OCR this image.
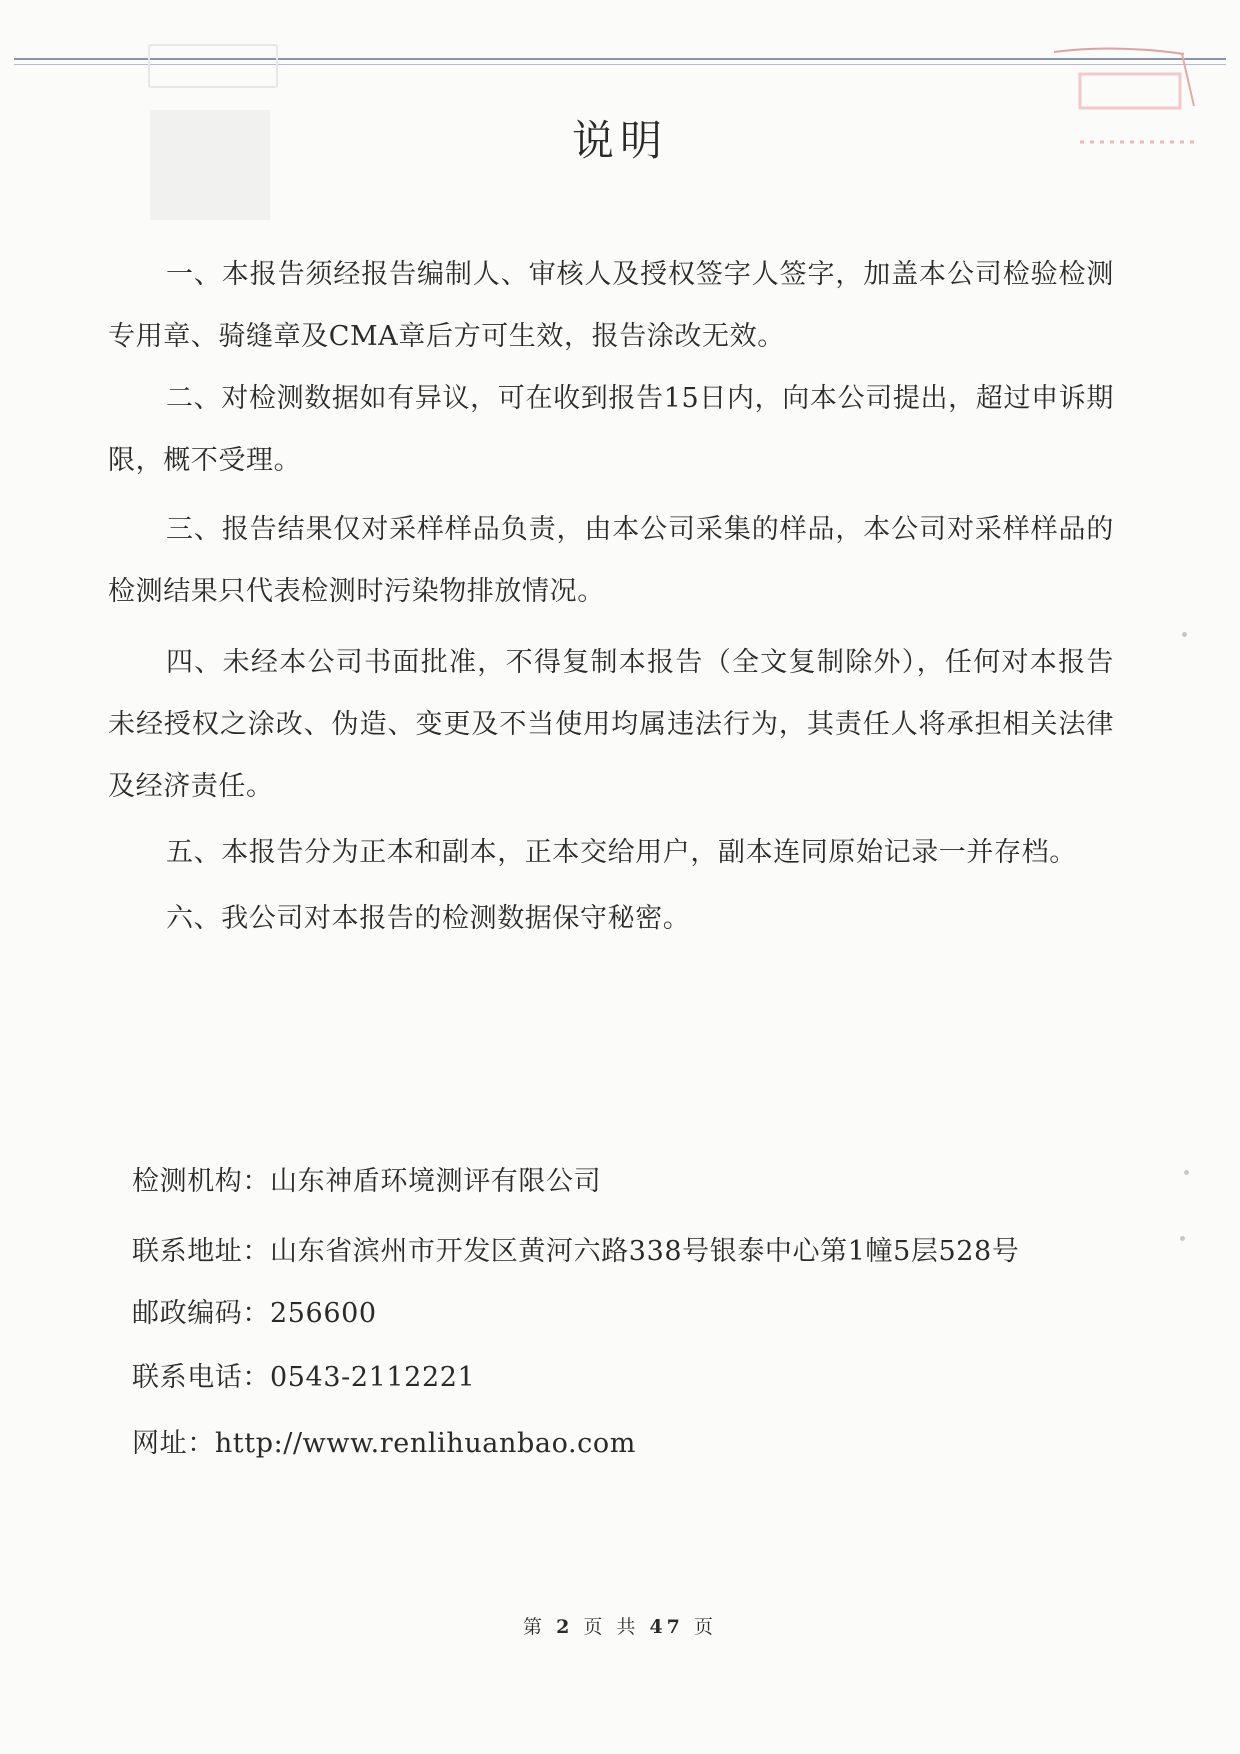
说明

一、本报告须经报告编制人、审核人及授权签字人签字，加盖本公司检验检测专用章、骑缝章及CMA章后方可生效，报告涂改无效。

二、对检测数据如有异议，可在收到报告15日内，向本公司提出，超过申诉期限，概不受理。

三、报告结果仅对采样样品负责，由本公司采集的样品，本公司对采样样品的检测结果只代表检测时污染物排放情况。

四、未经本公司书面批准，不得复制本报告（全文复制除外），任何对本报告未经授权之涂改、伪造、变更及不当使用均属违法行为，其责任人将承担相关法律及经济责任。

五、本报告分为正本和副本，正本交给用户，副本连同原始记录一并存档。

六、我公司对本报告的检测数据保守秘密。

检测机构：山东神盾环境测评有限公司
联系地址：山东省滨州市开发区黄河六路338号银泰中心第1幢5层528号
邮政编码：256600
联系电话：0543-2112221
网址：http://www.renlihuanbao.com
第 2 页 共 47 页
